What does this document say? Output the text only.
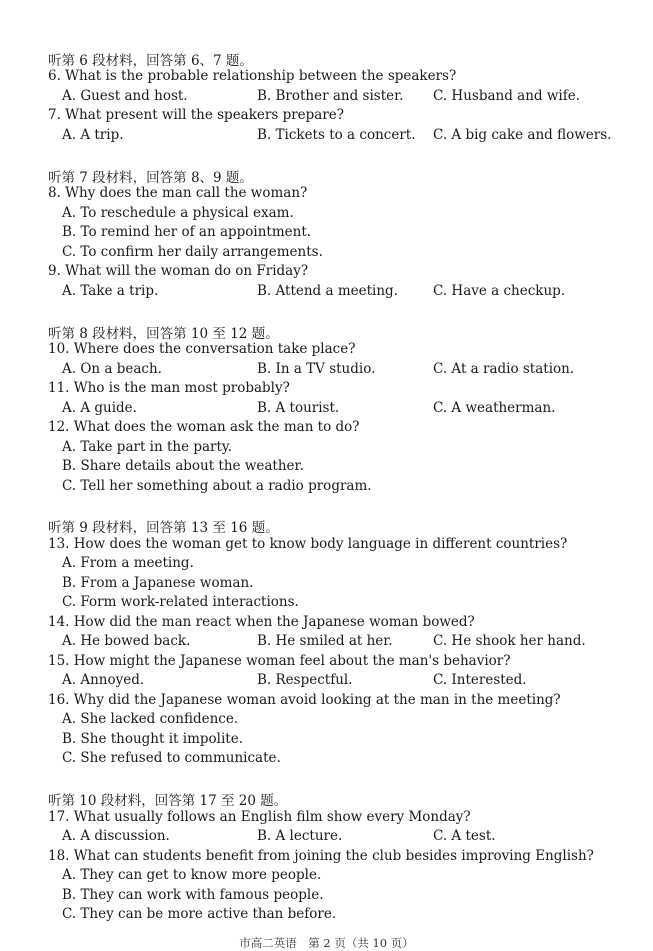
听第 6 段材料，回答第 6、7 题。
6. What is the probable relationship between the speakers?
A. Guest and host.	B. Brother and sister. C. Husband and wife.
7. What present will the speakers prepare?
A. A trip.	B. Tickets to a concert. C. A big cake and flowers.
听第 7 段材料，回答第 8、9 题。
8. Why does the man call the woman?
A. To reschedule a physical exam.
B. To remind her of an appointment.
C. To confirm her daily arrangements.
9. What will the woman do on Friday?
A. Take a trip.	B. Attend a meeting.	C. Have a checkup.
听第 8 段材料，回答第 10 至 12 题。
10. Where does the conversation take place?
A. On a beach.	B. In a TV studio.	C. At a radio station.
11. Who is the man most probably?
A. A guide.	B. A tourist.	C. A weatherman.
12. What does the woman ask the man to do?
A. Take part in the party.
B. Share details about the weather.
C. Tell her something about a radio program.
听第 9 段材料，回答第 13 至 16 题。
13. How does the woman get to know body language in different countries?
A. From a meeting.
B. From a Japanese woman.
C. Form work-related interactions.
14. How did the man react when the Japanese woman bowed?
A. He bowed back.	B. He smiled at her.	C. He shook her hand.
15. How might the Japanese woman feel about the man's behavior?
A. Annoyed.	B. Respectful.	C. Interested.
16. Why did the Japanese woman avoid looking at the man in the meeting?
A. She lacked confidence.
B. She thought it impolite.
C. She refused to communicate.
听第 10 段材料，回答第 17 至 20 题。
17. What usually follows an English film show every Monday?
A. A discussion.	B. A lecture.	C. A test.
18. What can students benefit from joining the club besides improving English?
A. They can get to know more people.
B. They can work with famous people.
C. They can be more active than before.
市高二英语　第 2 页（共 10 页）
